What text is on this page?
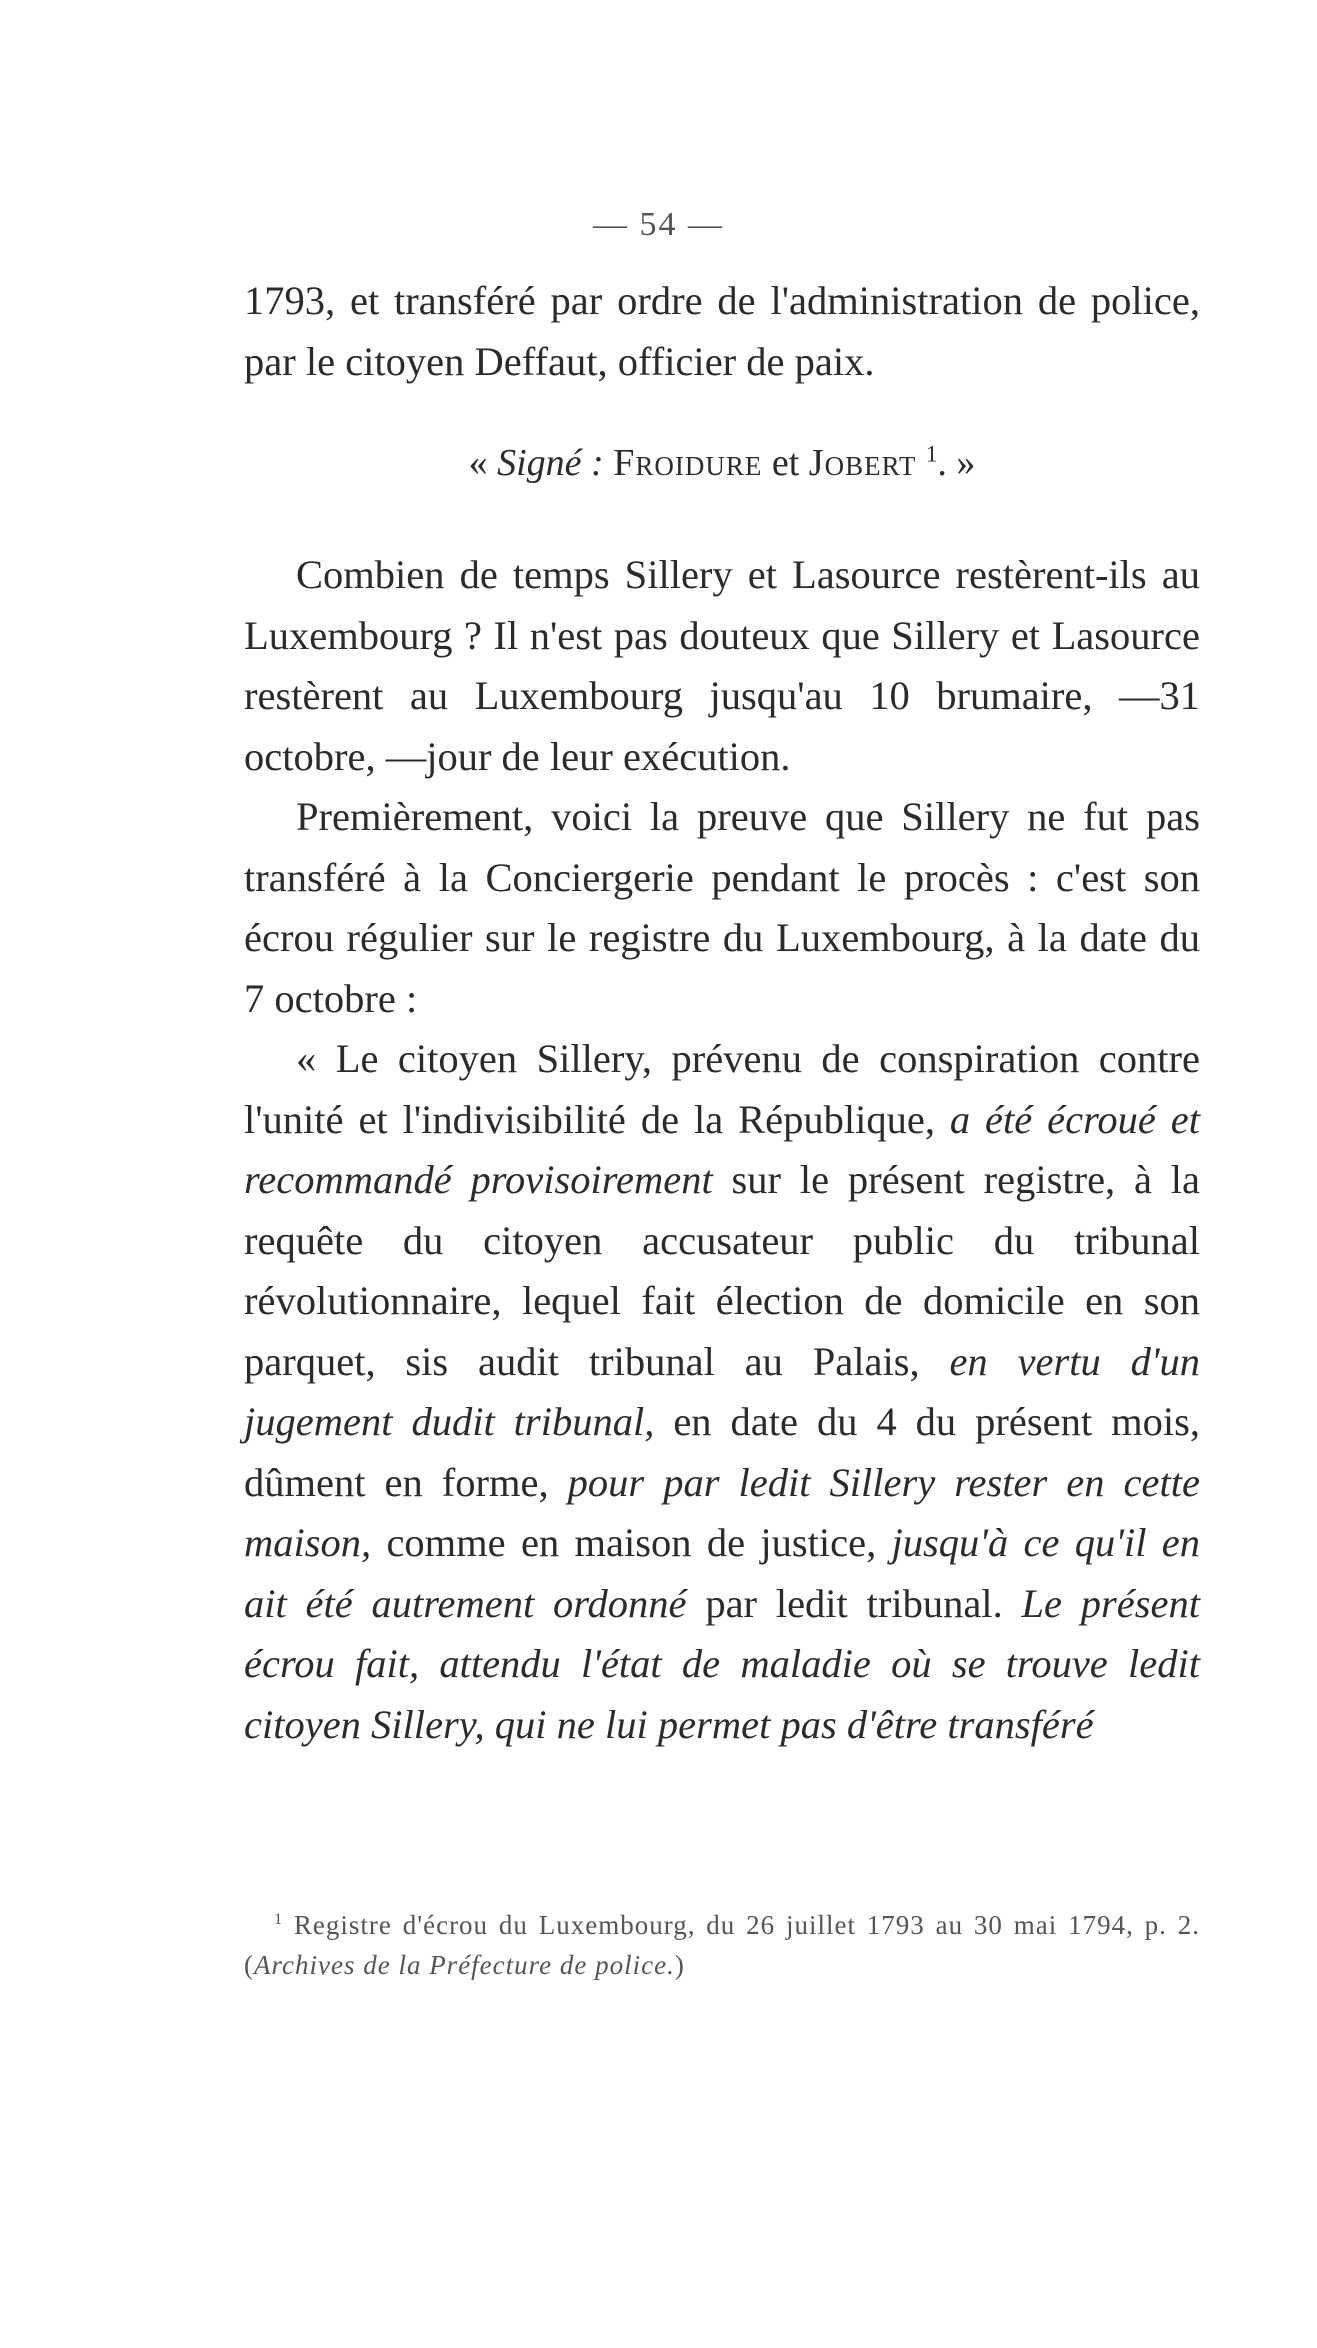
— 54 —

1793, et transféré par ordre de l'administration de police, par le citoyen Deffaut, officier de paix.

« Signé : Froidure et Jobert $^1$. »

Combien de temps Sillery et Lasource restèrent-ils au Luxembourg ? Il n'est pas douteux que Sillery et Lasource restèrent au Luxembourg jusqu'au 10 brumaire, —31 octobre, —jour de leur exécution.

Premièrement, voici la preuve que Sillery ne fut pas transféré à la Conciergerie pendant le procès : c'est son écrou régulier sur le registre du Luxembourg, à la date du 7 octobre :

« Le citoyen Sillery, prévenu de conspiration contre l'unité et l'indivisibilité de la République, a été écroué et recommandé provisoirement sur le présent registre, à la requête du citoyen accusateur public du tribunal révolutionnaire, lequel fait élection de domicile en son parquet, sis audit tribunal au Palais, en vertu d'un jugement dudit tribunal, en date du 4 du présent mois, dûment en forme, pour par ledit Sillery rester en cette maison, comme en maison de justice, jusqu'à ce qu'il en ait été autrement ordonné par ledit tribunal. Le présent écrou fait, attendu l'état de maladie où se trouve ledit citoyen Sillery, qui ne lui permet pas d'être transféré

$^1$ Registre d'écrou du Luxembourg, du 26 juillet 1793 au 30 mai 1794, p. 2. (Archives de la Préfecture de police.)
